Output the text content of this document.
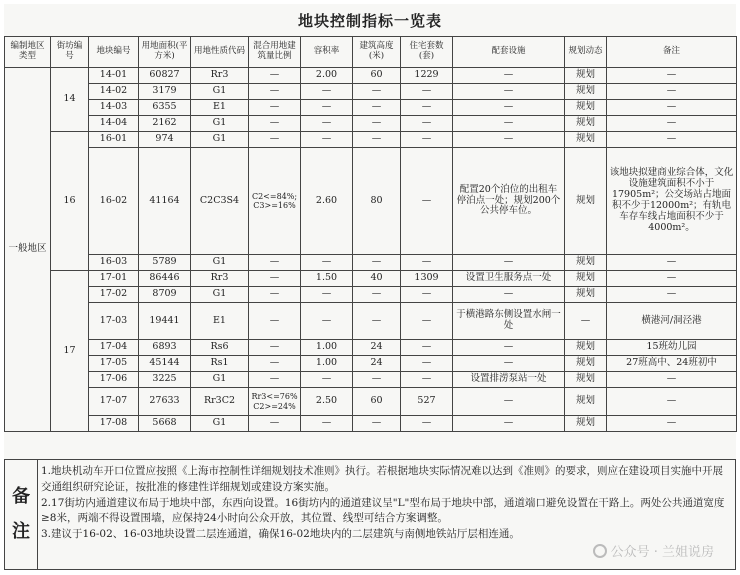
地块控制指标一览表
编制地区类型	街坊编号	地块编号	用地面积(平方米)	用地性质代码	混合用地建筑量比例	容积率	建筑高度(米)	住宅套数(套)	配套设施	规划动态	备注
一般地区	14	14-01	60827	Rr3	—	2.00	60	1229	—	规划	—
		14-02	3179	G1	—	—	—	—	—	规划	—
		14-03	6355	E1	—	—	—	—	—	规划	—
		14-04	2162	G1	—	—	—	—	—	规划	—
	16	16-01	974	G1	—	—	—	—	—	规划	—
		16-02	41164	C2C3S4	C2<=84%; C3>=16%	2.60	80	—	配置20个泊位的出租车停泊点一处；规划200个公共停车位。	规划	该地块拟建商业综合体，文化设施建筑面积不小于17905m²；公交场站占地面积不少于12000m²；有轨电车存车线占地面积不少于4000m²。
		16-03	5789	G1	—	—	—	—	—	规划	—
	17	17-01	86446	Rr3	—	1.50	40	1309	设置卫生服务点一处	规划	—
		17-02	8709	G1	—	—	—	—	—	规划	—
		17-03	19441	E1	—	—	—	—	于横港路东侧设置水闸一处	—	横港河/洞泾港
		17-04	6893	Rs6	—	1.00	24	—	—	规划	15班幼儿园
		17-05	45144	Rs1	—	1.00	24	—	—	规划	27班高中、24班初中
		17-06	3225	G1	—	—	—	—	设置排涝泵站一处	规划	—
		17-07	27633	Rr3C2	Rr3<=76% C2>=24%	2.50	60	527	—	规划	—
		17-08	5668	G1	—	—	—	—	—	规划	—
备
注

1.地块机动车开口位置应按照《上海市控制性详细规划技术准则》执行。若根据地块实际情况难以达到《准则》的要求，则应在建设项目实施中开展交通组织研究论证，按批准的修建性详细规划或建设方案实施。

2.17街坊内通道建议布局于地块中部，东西向设置。16街坊内的通道建议呈"L"型布局于地块中部，通道端口避免设置在干路上。两处公共通道宽度≥8米，两端不得设置围墙，应保持24小时向公众开放，其位置、线型可结合方案调整。

3.建议于16-02、16-03地块设置二层连通道，确保16-02地块内的二层建筑与南侧地铁站厅层相连通。

公众号 · 兰姐说房
